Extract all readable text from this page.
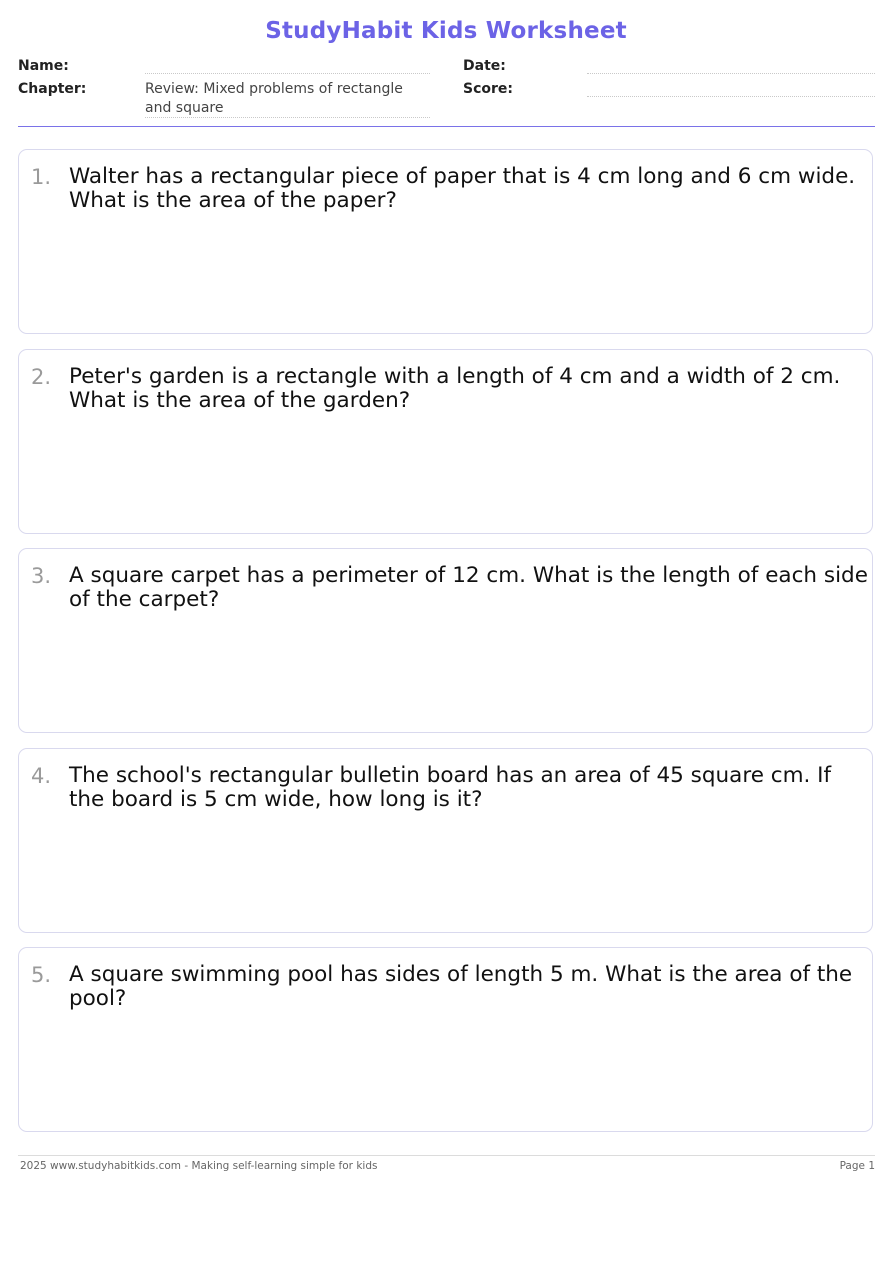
StudyHabit Kids Worksheet
Name:
Chapter:	Review: Mixed problems of rectangle and square
Date:
Score:
1. Walter has a rectangular piece of paper that is 4 cm long and 6 cm wide. What is the area of the paper?
2. Peter's garden is a rectangle with a length of 4 cm and a width of 2 cm. What is the area of the garden?
3. A square carpet has a perimeter of 12 cm. What is the length of each side of the carpet?
4. The school's rectangular bulletin board has an area of 45 square cm. If the board is 5 cm wide, how long is it?
5. A square swimming pool has sides of length 5 m. What is the area of the pool?
2025 www.studyhabitkids.com - Making self-learning simple for kids	Page 1
